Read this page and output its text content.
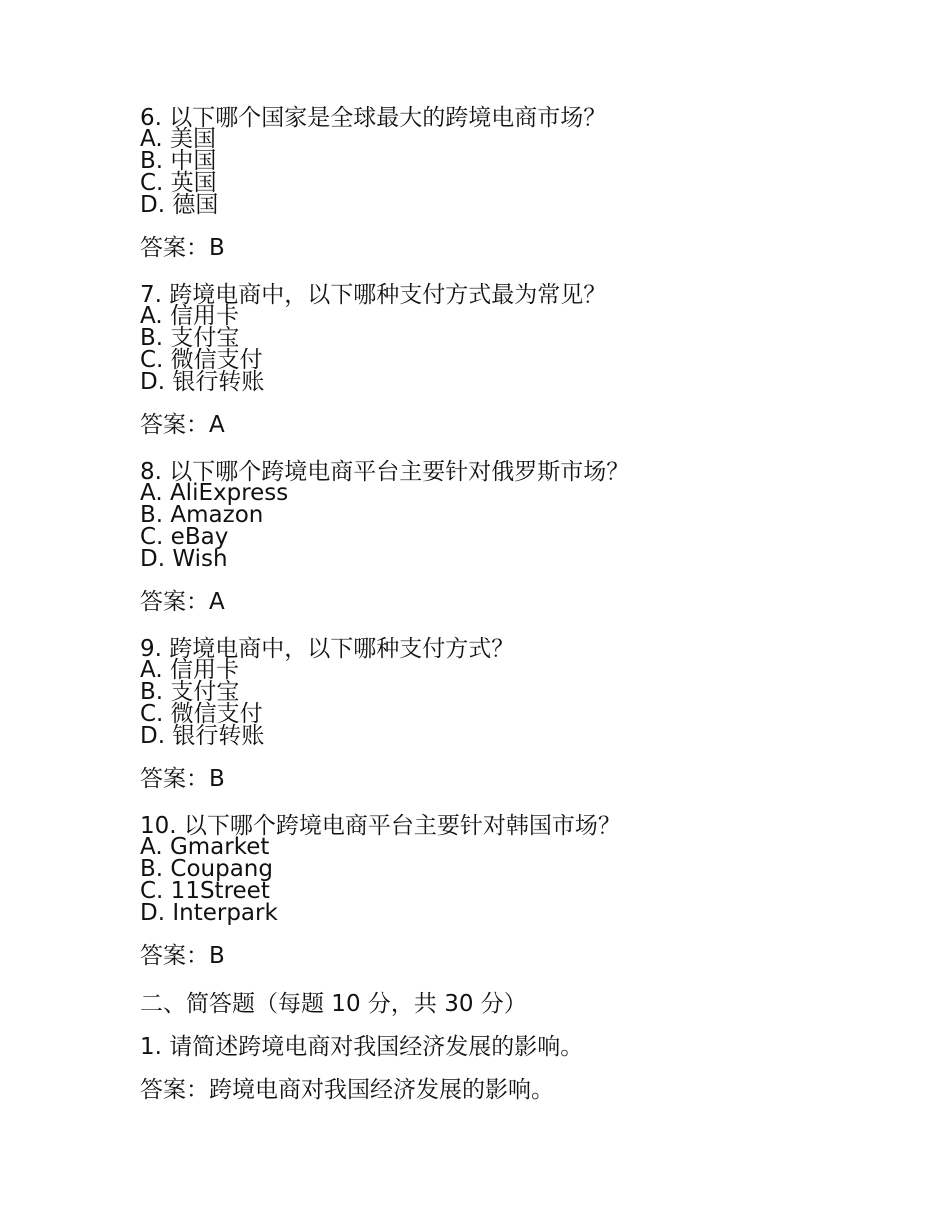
6. 以下哪个国家是全球最大的跨境电商市场？
A. 美国
B. 中国
C. 英国
D. 德国
答案：B
7. 跨境电商中，以下哪种支付方式最为常见？
A. 信用卡
B. 支付宝
C. 微信支付
D. 银行转账
答案：A
8. 以下哪个跨境电商平台主要针对俄罗斯市场？
A. AliExpress
B. Amazon
C. eBay
D. Wish
答案：A
9. 跨境电商中，以下哪种支付方式？
A. 信用卡
B. 支付宝
C. 微信支付
D. 银行转账
答案：B
10. 以下哪个跨境电商平台主要针对韩国市场？
A. Gmarket
B. Coupang
C. 11Street
D. Interpark
答案：B
二、简答题（每题 10 分，共 30 分）
1. 请简述跨境电商对我国经济发展的影响。
答案：跨境电商对我国经济发展的影响。
